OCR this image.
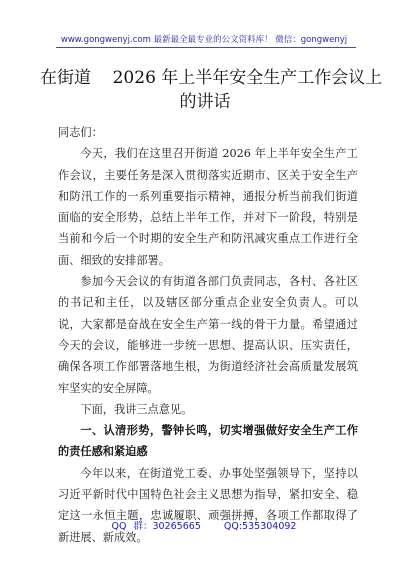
www.gongwenyj.com 最新最全最专业的公文资料库！ 微信：gongwenyj
在街道    2026 年上半年安全生产工作会议上
的讲话

同志们：

今天，我们在这里召开街道 2026 年上半年安全生产工作会议，主要任务是深入贯彻落实近期市、区关于安全生产和防汛工作的一系列重要指示精神，通报分析当前我们街道面临的安全形势，总结上半年工作，并对下一阶段，特别是当前和今后一个时期的安全生产和防汛减灾重点工作进行全面、细致的安排部署。

参加今天会议的有街道各部门负责同志，各村、各社区的书记和主任，以及辖区部分重点企业安全负责人。可以说，大家都是奋战在安全生产第一线的骨干力量。希望通过今天的会议，能够进一步统一思想、提高认识、压实责任，确保各项工作部署落地生根，为街道经济社会高质量发展筑牢坚实的安全屏障。

下面，我讲三点意见。

一、认清形势，警钟长鸣，切实增强做好安全生产工作的责任感和紧迫感

今年以来，在街道党工委、办事处坚强领导下，坚持以习近平新时代中国特色社会主义思想为指导，紧扣安全、稳定这一永恒主题，忠诚履职、顽强拼搏，各项工作都取得了新进展、新成效。

QQ 群：30265665 QQ:535304092
